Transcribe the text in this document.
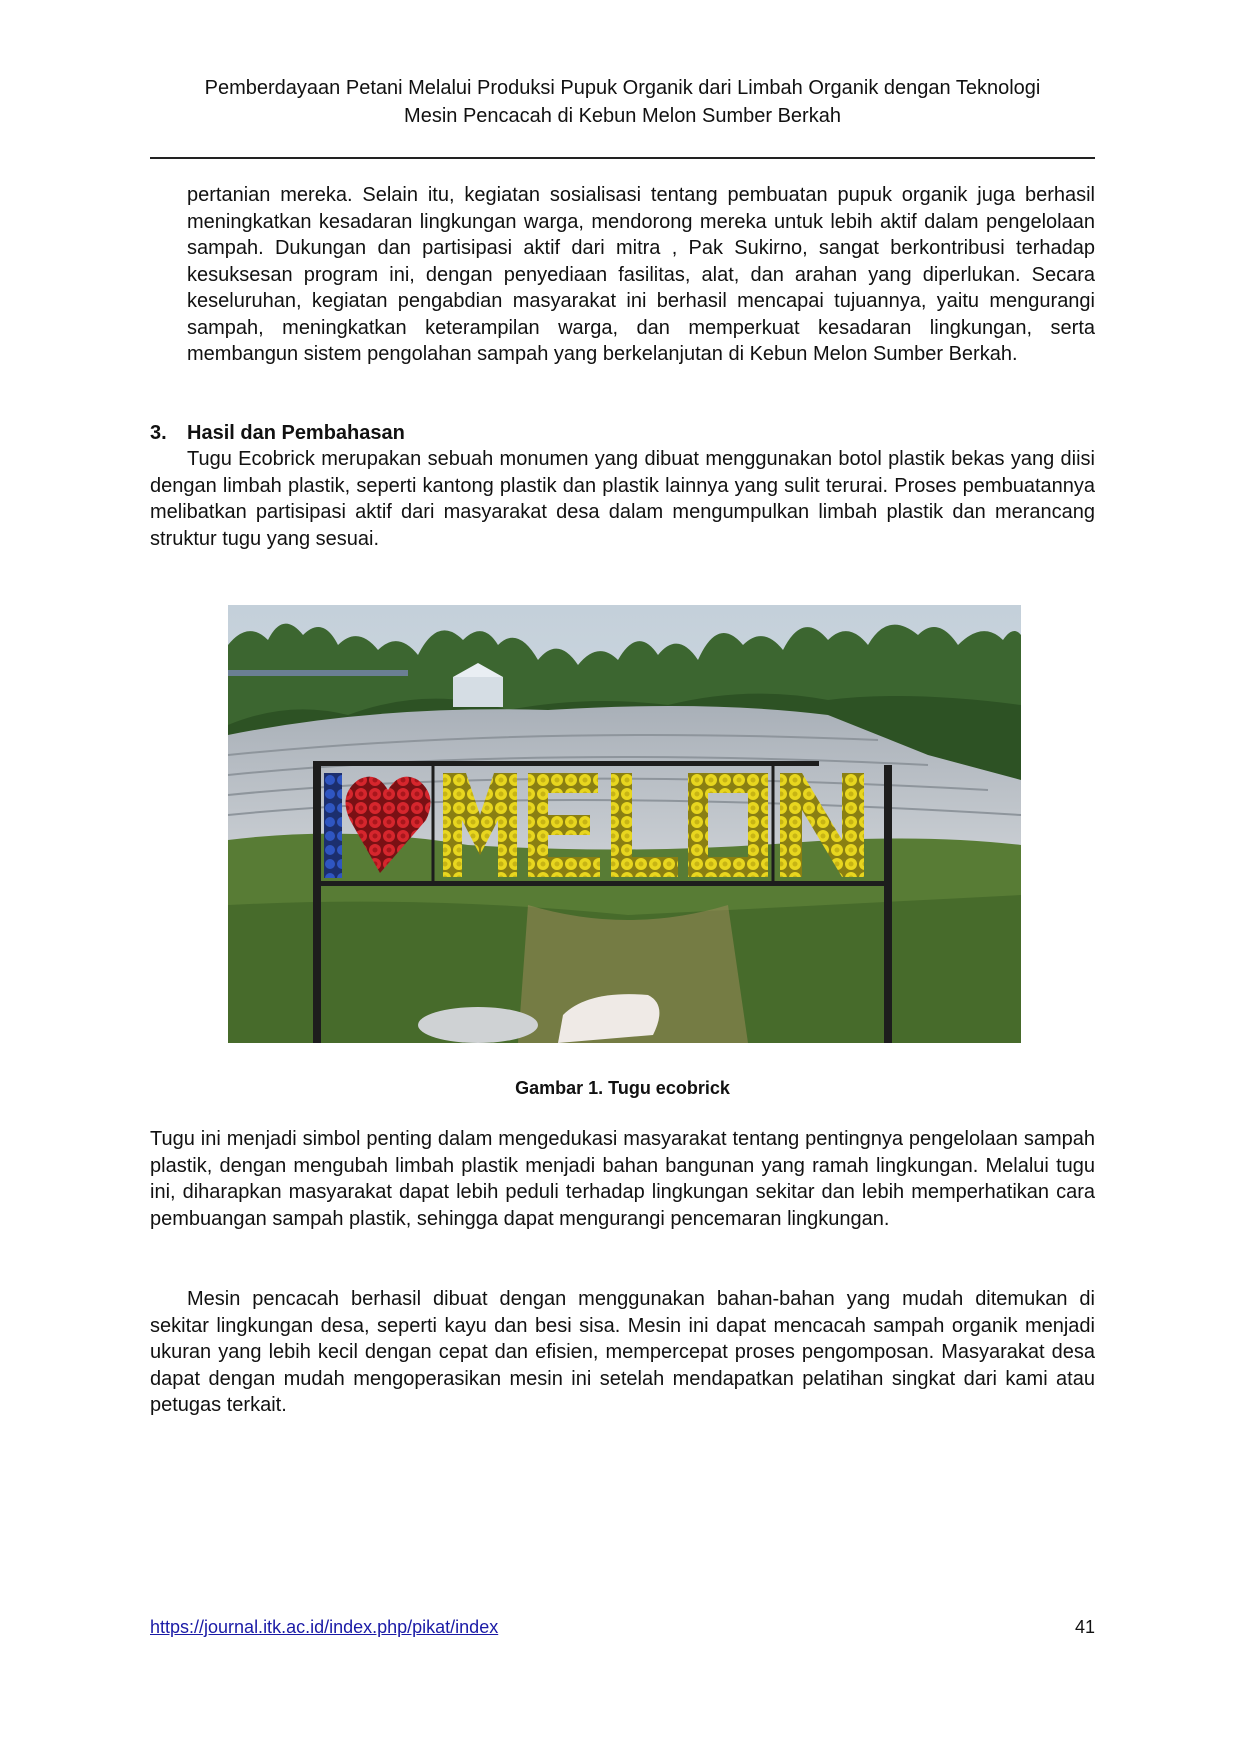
Pemberdayaan Petani Melalui Produksi Pupuk Organik dari Limbah Organik dengan Teknologi
Mesin Pencacah di Kebun Melon Sumber Berkah

pertanian mereka. Selain itu, kegiatan sosialisasi tentang pembuatan pupuk organik juga berhasil meningkatkan kesadaran lingkungan warga, mendorong mereka untuk lebih aktif dalam pengelolaan sampah. Dukungan dan partisipasi aktif dari mitra , Pak Sukirno, sangat berkontribusi terhadap kesuksesan program ini, dengan penyediaan fasilitas, alat, dan arahan yang diperlukan. Secara keseluruhan, kegiatan pengabdian masyarakat ini berhasil mencapai tujuannya, yaitu mengurangi sampah, meningkatkan keterampilan warga, dan memperkuat kesadaran lingkungan, serta membangun sistem pengolahan sampah yang berkelanjutan di Kebun Melon Sumber Berkah.

3. Hasil dan Pembahasan

Tugu Ecobrick merupakan sebuah monumen yang dibuat menggunakan botol plastik bekas yang diisi dengan limbah plastik, seperti kantong plastik dan plastik lainnya yang sulit terurai. Proses pembuatannya melibatkan partisipasi aktif dari masyarakat desa dalam mengumpulkan limbah plastik dan merancang struktur tugu yang sesuai.

Gambar 1. Tugu ecobrick

Tugu ini menjadi simbol penting dalam mengedukasi masyarakat tentang pentingnya pengelolaan sampah plastik, dengan mengubah limbah plastik menjadi bahan bangunan yang ramah lingkungan. Melalui tugu ini, diharapkan masyarakat dapat lebih peduli terhadap lingkungan sekitar dan lebih memperhatikan cara pembuangan sampah plastik, sehingga dapat mengurangi pencemaran lingkungan.

Mesin pencacah berhasil dibuat dengan menggunakan bahan-bahan yang mudah ditemukan di sekitar lingkungan desa, seperti kayu dan besi sisa. Mesin ini dapat mencacah sampah organik menjadi ukuran yang lebih kecil dengan cepat dan efisien, mempercepat proses pengomposan. Masyarakat desa dapat dengan mudah mengoperasikan mesin ini setelah mendapatkan pelatihan singkat dari kami atau petugas terkait.

https://journal.itk.ac.id/index.php/pikat/index	41
